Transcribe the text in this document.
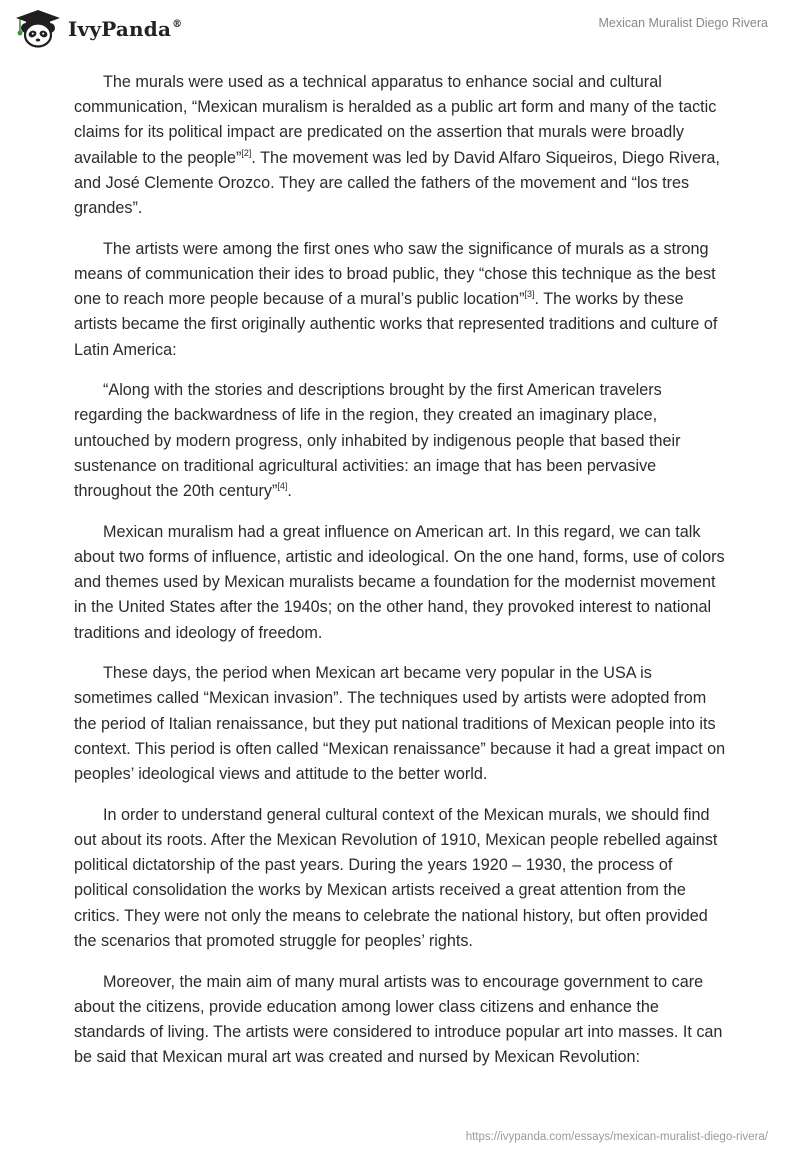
IvyPanda®	Mexican Muralist Diego Rivera

The murals were used as a technical apparatus to enhance social and cultural communication, “Mexican muralism is heralded as a public art form and many of the tactic claims for its political impact are predicated on the assertion that murals were broadly available to the people”[2]. The movement was led by David Alfaro Siqueiros, Diego Rivera, and José Clemente Orozco. They are called the fathers of the movement and “los tres grandes”.

The artists were among the first ones who saw the significance of murals as a strong means of communication their ides to broad public, they “chose this technique as the best one to reach more people because of a mural’s public location”[3]. The works by these artists became the first originally authentic works that represented traditions and culture of Latin America:

“Along with the stories and descriptions brought by the first American travelers regarding the backwardness of life in the region, they created an imaginary place, untouched by modern progress, only inhabited by indigenous people that based their sustenance on traditional agricultural activities: an image that has been pervasive throughout the 20th century”[4].

Mexican muralism had a great influence on American art. In this regard, we can talk about two forms of influence, artistic and ideological. On the one hand, forms, use of colors and themes used by Mexican muralists became a foundation for the modernist movement in the United States after the 1940s; on the other hand, they provoked interest to national traditions and ideology of freedom.

These days, the period when Mexican art became very popular in the USA is sometimes called “Mexican invasion”. The techniques used by artists were adopted from the period of Italian renaissance, but they put national traditions of Mexican people into its context. This period is often called “Mexican renaissance” because it had a great impact on peoples’ ideological views and attitude to the better world.

In order to understand general cultural context of the Mexican murals, we should find out about its roots. After the Mexican Revolution of 1910, Mexican people rebelled against political dictatorship of the past years. During the years 1920 – 1930, the process of political consolidation the works by Mexican artists received a great attention from the critics. They were not only the means to celebrate the national history, but often provided the scenarios that promoted struggle for peoples’ rights.

Moreover, the main aim of many mural artists was to encourage government to care about the citizens, provide education among lower class citizens and enhance the standards of living. The artists were considered to introduce popular art into masses. It can be said that Mexican mural art was created and nursed by Mexican Revolution:

https://ivypanda.com/essays/mexican-muralist-diego-rivera/
